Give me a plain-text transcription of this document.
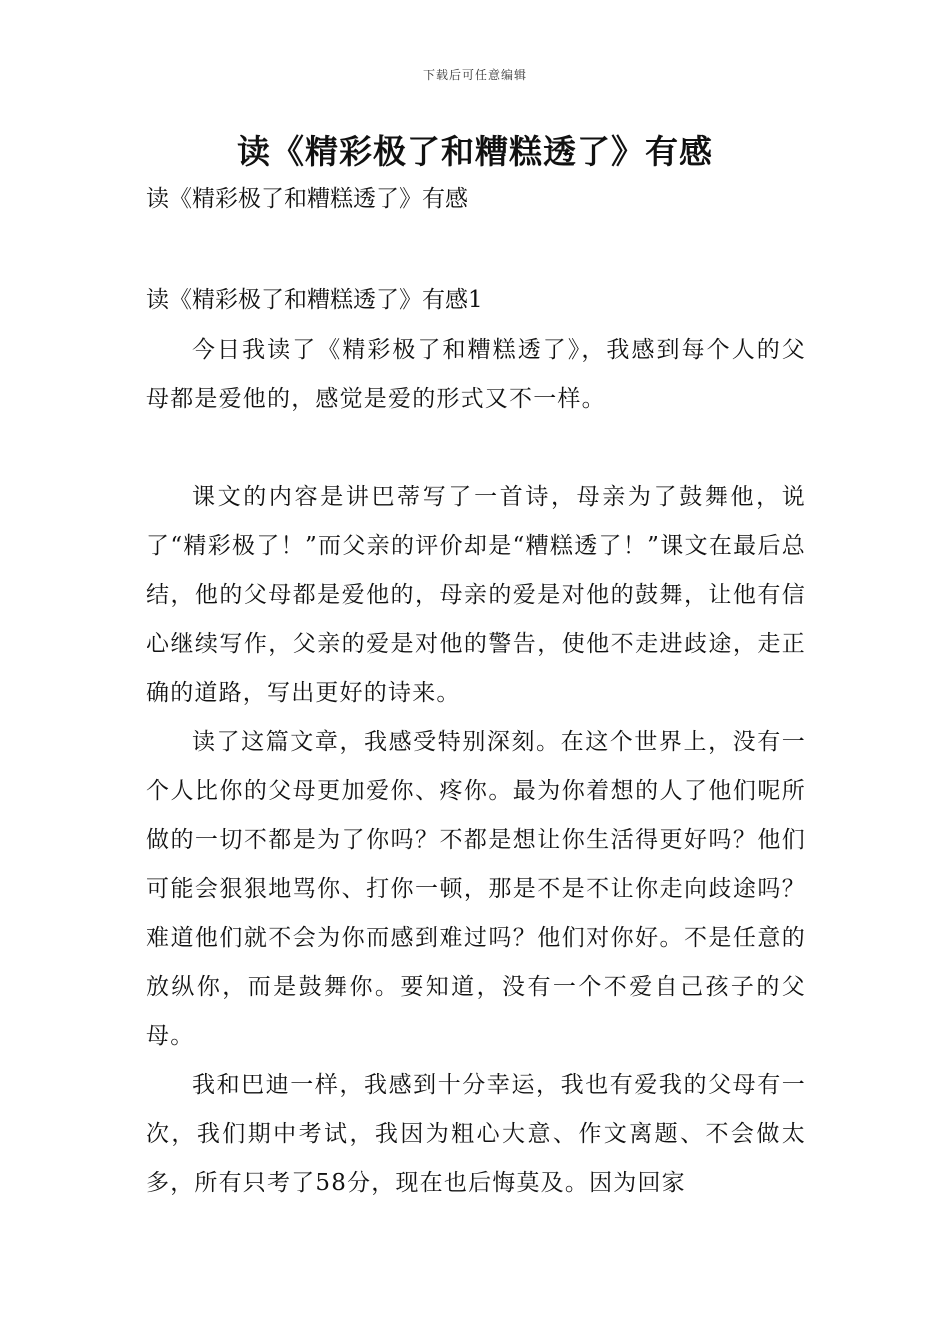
下载后可任意编辑
读《精彩极了和糟糕透了》有感
读《精彩极了和糟糕透了》有感
读《精彩极了和糟糕透了》有感1

今日我读了《精彩极了和糟糕透了》，我感到每个人的父母都是爱他的，感觉是爱的形式又不一样。

课文的内容是讲巴蒂写了一首诗，母亲为了鼓舞他，说了“精彩极了！”而父亲的评价却是“糟糕透了！”课文在最后总结，他的父母都是爱他的，母亲的爱是对他的鼓舞，让他有信心继续写作，父亲的爱是对他的警告，使他不走进歧途，走正确的道路，写出更好的诗来。

读了这篇文章，我感受特别深刻。在这个世界上，没有一个人比你的父母更加爱你、疼你。最为你着想的人了他们呢所做的一切不都是为了你吗？不都是想让你生活得更好吗？他们可能会狠狠地骂你、打你一顿，那是不是不让你走向歧途吗？难道他们就不会为你而感到难过吗？他们对你好。不是任意的放纵你，而是鼓舞你。要知道，没有一个不爱自己孩子的父母。

我和巴迪一样，我感到十分幸运，我也有爱我的父母有一次，我们期中考试，我因为粗心大意、作文离题、不会做太多，所有只考了58分，现在也后悔莫及。因为回家
